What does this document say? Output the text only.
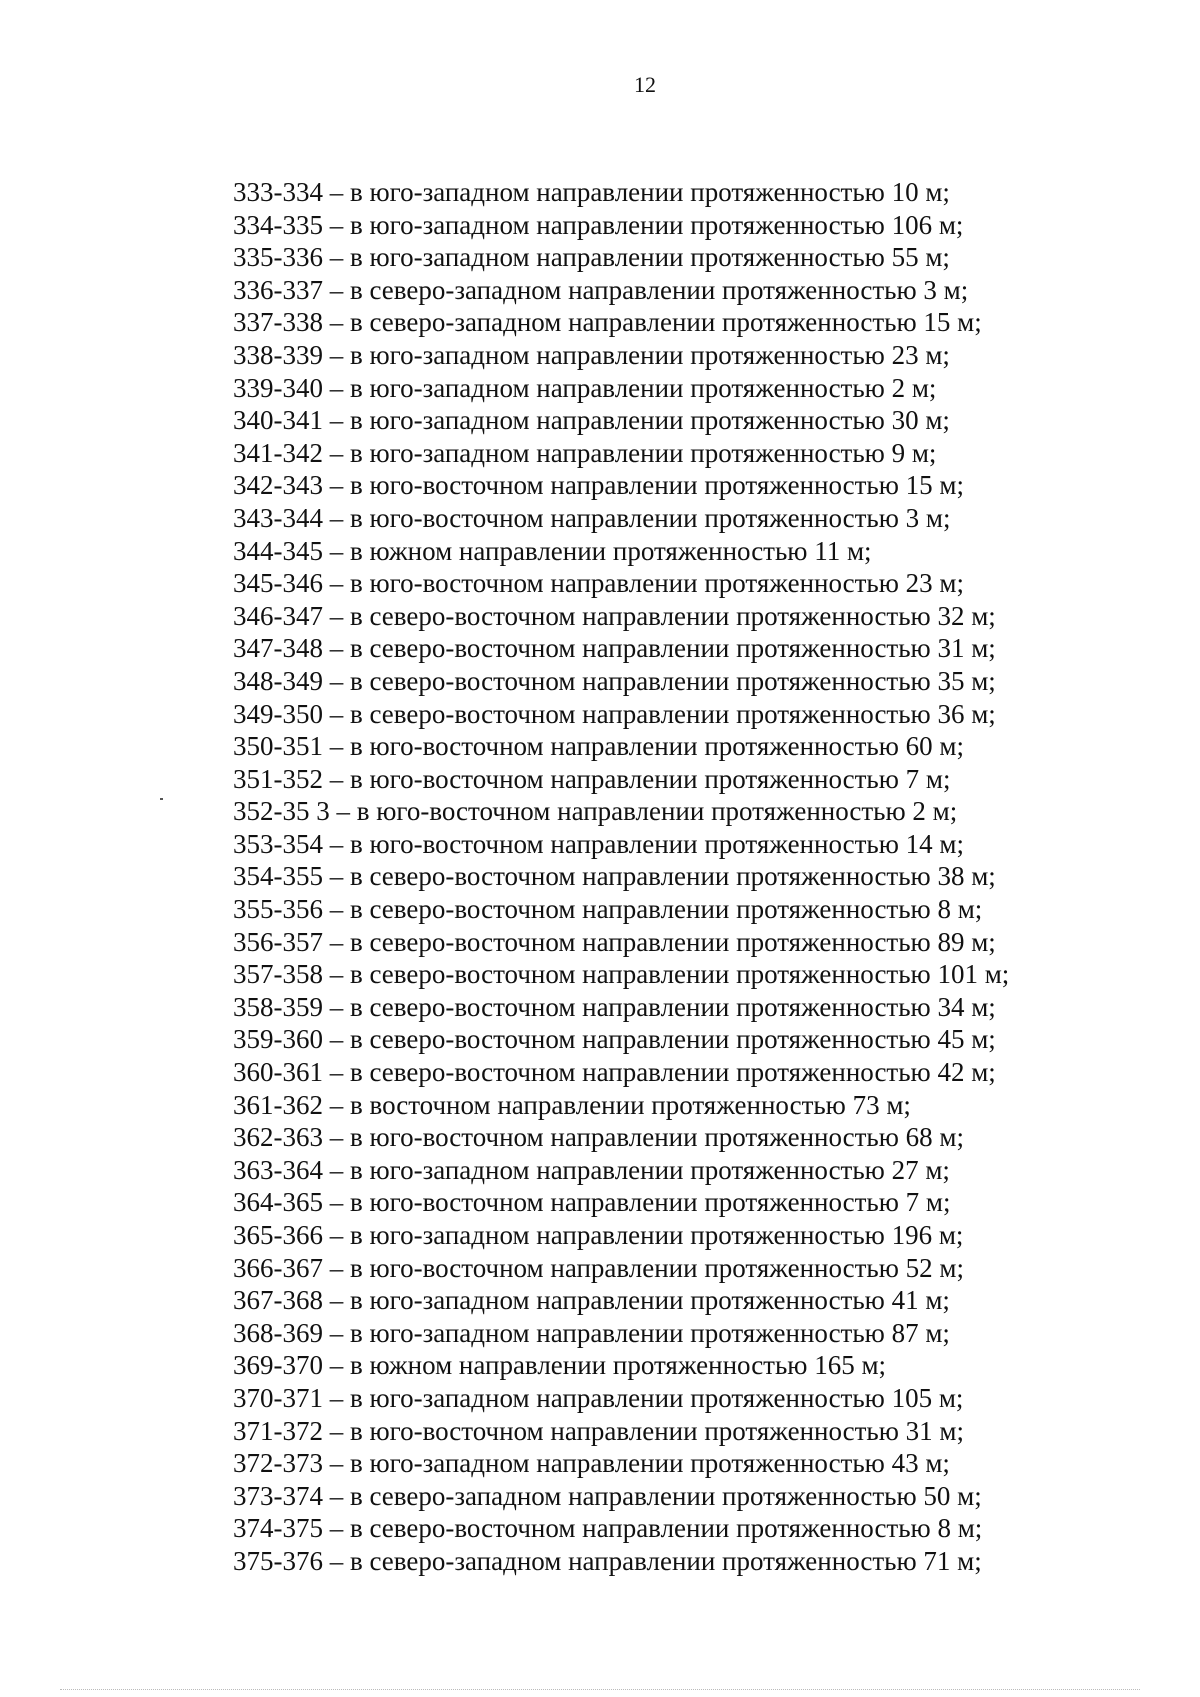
12
333-334 – в юго-западном направлении протяженностью 10 м;
334-335 – в юго-западном направлении протяженностью 106 м;
335-336 – в юго-западном направлении протяженностью 55 м;
336-337 – в северо-западном направлении протяженностью 3 м;
337-338 – в северо-западном направлении протяженностью 15 м;
338-339 – в юго-западном направлении протяженностью 23 м;
339-340 – в юго-западном направлении протяженностью 2 м;
340-341 – в юго-западном направлении протяженностью 30 м;
341-342 – в юго-западном направлении протяженностью 9 м;
342-343 – в юго-восточном направлении протяженностью 15 м;
343-344 – в юго-восточном направлении протяженностью 3 м;
344-345 – в южном направлении протяженностью 11 м;
345-346 – в юго-восточном направлении протяженностью 23 м;
346-347 – в северо-восточном направлении протяженностью 32 м;
347-348 – в северо-восточном направлении протяженностью 31 м;
348-349 – в северо-восточном направлении протяженностью 35 м;
349-350 – в северо-восточном направлении протяженностью 36 м;
350-351 – в юго-восточном направлении протяженностью 60 м;
351-352 – в юго-восточном направлении протяженностью 7 м;
352-35 3 – в юго-восточном направлении протяженностью 2 м;
353-354 – в юго-восточном направлении протяженностью 14 м;
354-355 – в северо-восточном направлении протяженностью 38 м;
355-356 – в северо-восточном направлении протяженностью 8 м;
356-357 – в северо-восточном направлении протяженностью 89 м;
357-358 – в северо-восточном направлении протяженностью 101 м;
358-359 – в северо-восточном направлении протяженностью 34 м;
359-360 – в северо-восточном направлении протяженностью 45 м;
360-361 – в северо-восточном направлении протяженностью 42 м;
361-362 – в восточном направлении протяженностью 73 м;
362-363 – в юго-восточном направлении протяженностью 68 м;
363-364 – в юго-западном направлении протяженностью 27 м;
364-365 – в юго-восточном направлении протяженностью 7 м;
365-366 – в юго-западном направлении протяженностью 196 м;
366-367 – в юго-восточном направлении протяженностью 52 м;
367-368 – в юго-западном направлении протяженностью 41 м;
368-369 – в юго-западном направлении протяженностью 87 м;
369-370 – в южном направлении протяженностью 165 м;
370-371 – в юго-западном направлении протяженностью 105 м;
371-372 – в юго-восточном направлении протяженностью 31 м;
372-373 – в юго-западном направлении протяженностью 43 м;
373-374 – в северо-западном направлении протяженностью 50 м;
374-375 – в северо-восточном направлении протяженностью 8 м;
375-376 – в северо-западном направлении протяженностью 71 м;
